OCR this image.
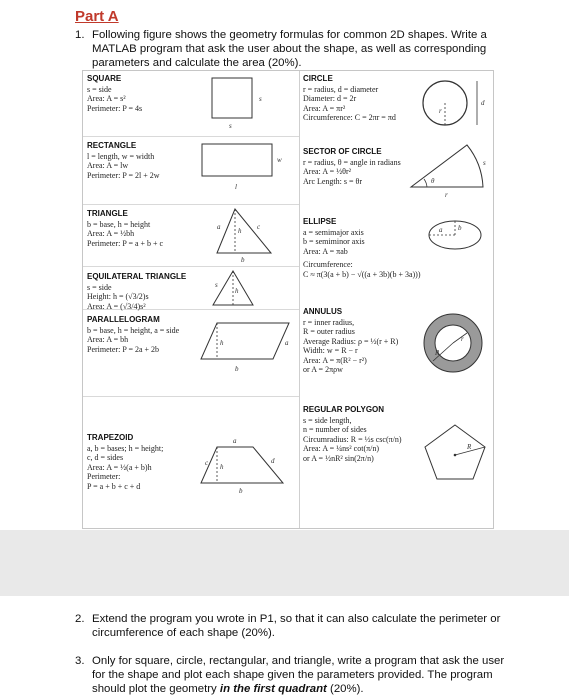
Part A
1. Following figure shows the geometry formulas for common 2D shapes. Write a MATLAB program that ask the user about the shape, as well as corresponding parameters and calculate the area (20%).
SQUARE
s = side
Area: A = s²
Perimeter: P = 4s
s
s
RECTANGLE
l = length, w = width
Area: A = lw
Perimeter: P = 2l + 2w
w
l
TRIANGLE
b = base, h = height
Area: A = ½bh
Perimeter: P = a + b + c
a	c
h
b
EQUILATERAL TRIANGLE
s = side
Height: h = (√3/2)s
Area: A = (√3/4)s²
s
h
PARALLELOGRAM
b = base, h = height, a = side
Area: A = bh
Perimeter: P = 2a + 2b
h	a
b
TRAPEZOID
a, b = bases; h = height;
c, d = sides
Area: A = ½(a + b)h
Perimeter:
P = a + b + c + d
a
c h
d
b
CIRCLE
r = radius, d = diameter
Diameter: d = 2r
Area: A = πr²
Circumference: C = 2πr = πd
r
d
SECTOR OF CIRCLE
r = radius, θ = angle in radians
Area: A = ½θr²
Arc Length: s = θr
s
θ
r
ELLIPSE
a = semimajor axis
b = semiminor axis
Area: A = πab
Circumference:
C ≈ π(3(a + b) − √((a + 3b)(b + 3a)))
a b
ANNULUS
r = inner radius,
R = outer radius
Average Radius: ρ = ½(r + R)
Width: w = R − r
Area: A = π(R² − r²)
or A = 2πρw
R
r
REGULAR POLYGON
s = side length,
n = number of sides
Circumradius: R = ½s csc(π/n)
Area: A = ¼ns² cot(π/n)
or A = ½nR² sin(2π/n)
R
2. Extend the program you wrote in P1, so that it can also calculate the perimeter or circumference of each shape (20%).
3. Only for square, circle, rectangular, and triangle, write a program that ask the user for the shape and plot each shape given the parameters provided. The program should plot the geometry in the first quadrant (20%).
